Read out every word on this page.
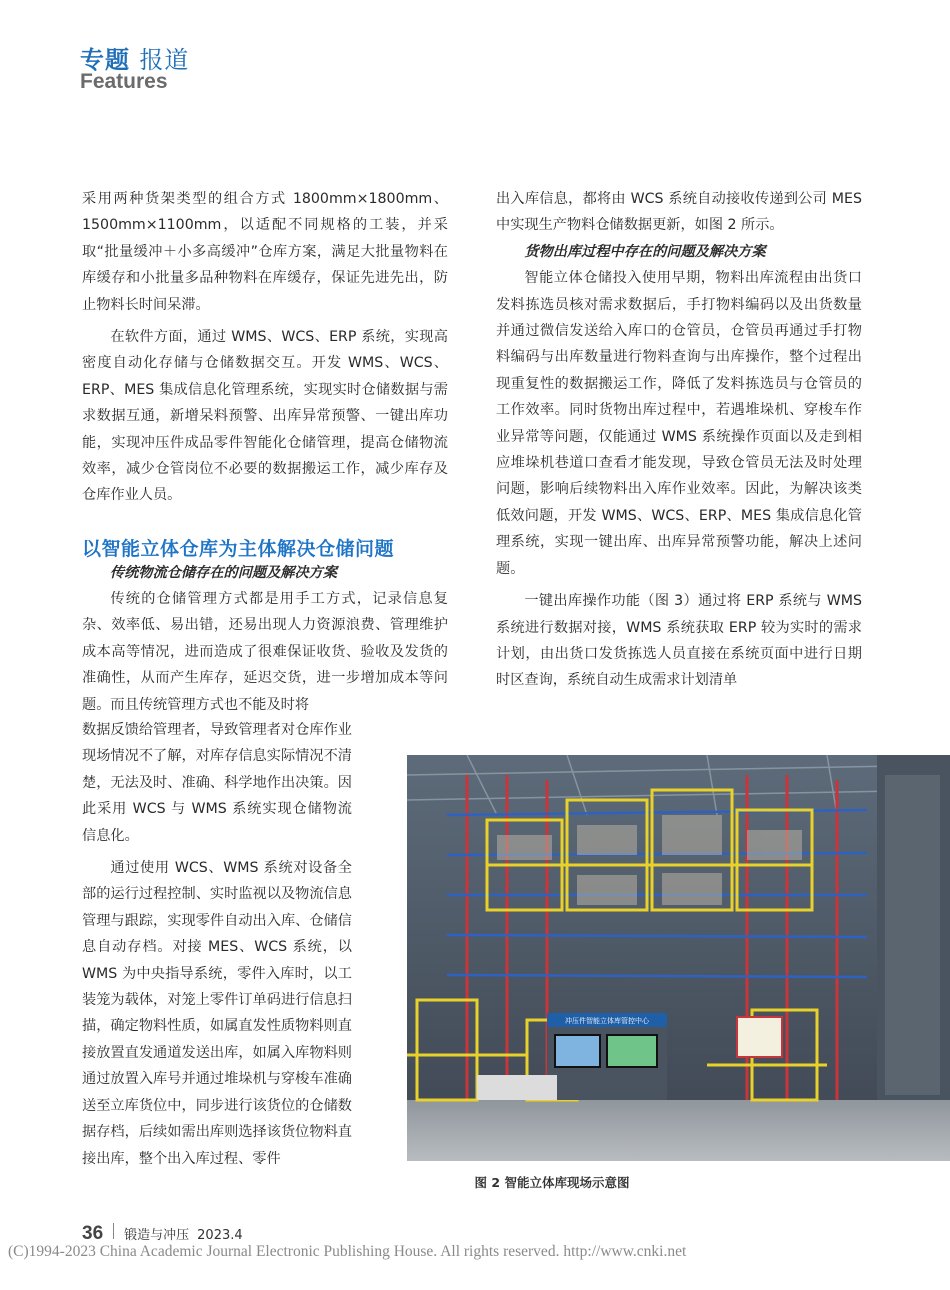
专题 报道
Features

采用两种货架类型的组合方式 1800mm×1800mm、1500mm×1100mm，以适配不同规格的工装，并采取“批量缓冲＋小多高缓冲”仓库方案，满足大批量物料在库缓存和小批量多品种物料在库缓存，保证先进先出，防止物料长时间呆滞。

在软件方面，通过 WMS、WCS、ERP 系统，实现高密度自动化存储与仓储数据交互。开发 WMS、WCS、ERP、MES 集成信息化管理系统，实现实时仓储数据与需求数据互通，新增呆料预警、出库异常预警、一键出库功能，实现冲压件成品零件智能化仓储管理，提高仓储物流效率，减少仓管岗位不必要的数据搬运工作，减少库存及仓库作业人员。

以智能立体仓库为主体解决仓储问题
传统物流仓储存在的问题及解决方案

传统的仓储管理方式都是用手工方式，记录信息复杂、效率低、易出错，还易出现人力资源浪费、管理维护成本高等情况，进而造成了很难保证收货、验收及发货的准确性，从而产生库存，延迟交货，进一步增加成本等问题。而且传统管理方式也不能及时将

数据反馈给管理者，导致管理者对仓库作业现场情况不了解，对库存信息实际情况不清楚，无法及时、准确、科学地作出决策。因此采用 WCS 与 WMS 系统实现仓储物流信息化。

通过使用 WCS、WMS 系统对设备全部的运行过程控制、实时监视以及物流信息管理与跟踪，实现零件自动出入库、仓储信息自动存档。对接 MES、WCS 系统，以 WMS 为中央指导系统，零件入库时，以工装笼为载体，对笼上零件订单码进行信息扫描，确定物料性质，如属直发性质物料则直接放置直发通道发送出库，如属入库物料则通过放置入库号并通过堆垛机与穿梭车准确送至立库货位中，同步进行该货位的仓储数据存档，后续如需出库则选择该货位物料直接出库，整个出入库过程、零件

出入库信息，都将由 WCS 系统自动接收传递到公司 MES 中实现生产物料仓储数据更新，如图 2 所示。

货物出库过程中存在的问题及解决方案

智能立体仓储投入使用早期，物料出库流程由出货口发料拣选员核对需求数据后，手打物料编码以及出货数量并通过微信发送给入库口的仓管员，仓管员再通过手打物料编码与出库数量进行物料查询与出库操作，整个过程出现重复性的数据搬运工作，降低了发料拣选员与仓管员的工作效率。同时货物出库过程中，若遇堆垛机、穿梭车作业异常等问题，仅能通过 WMS 系统操作页面以及走到相应堆垛机巷道口查看才能发现，导致仓管员无法及时处理问题，影响后续物料出入库作业效率。因此，为解决该类低效问题，开发 WMS、WCS、ERP、MES 集成信息化管理系统，实现一键出库、出库异常预警功能，解决上述问题。

一键出库操作功能（图 3）通过将 ERP 系统与 WMS 系统进行数据对接，WMS 系统获取 ERP 较为实时的需求计划，由出货口发货拣选人员直接在系统页面中进行日期时区查询，系统自动生成需求计划清单

冲压件智能立体库管控中心
图 2 智能立体库现场示意图
36 锻造与冲压 2023.4
(C)1994-2023 China Academic Journal Electronic Publishing House. All rights reserved. http://www.cnki.net
